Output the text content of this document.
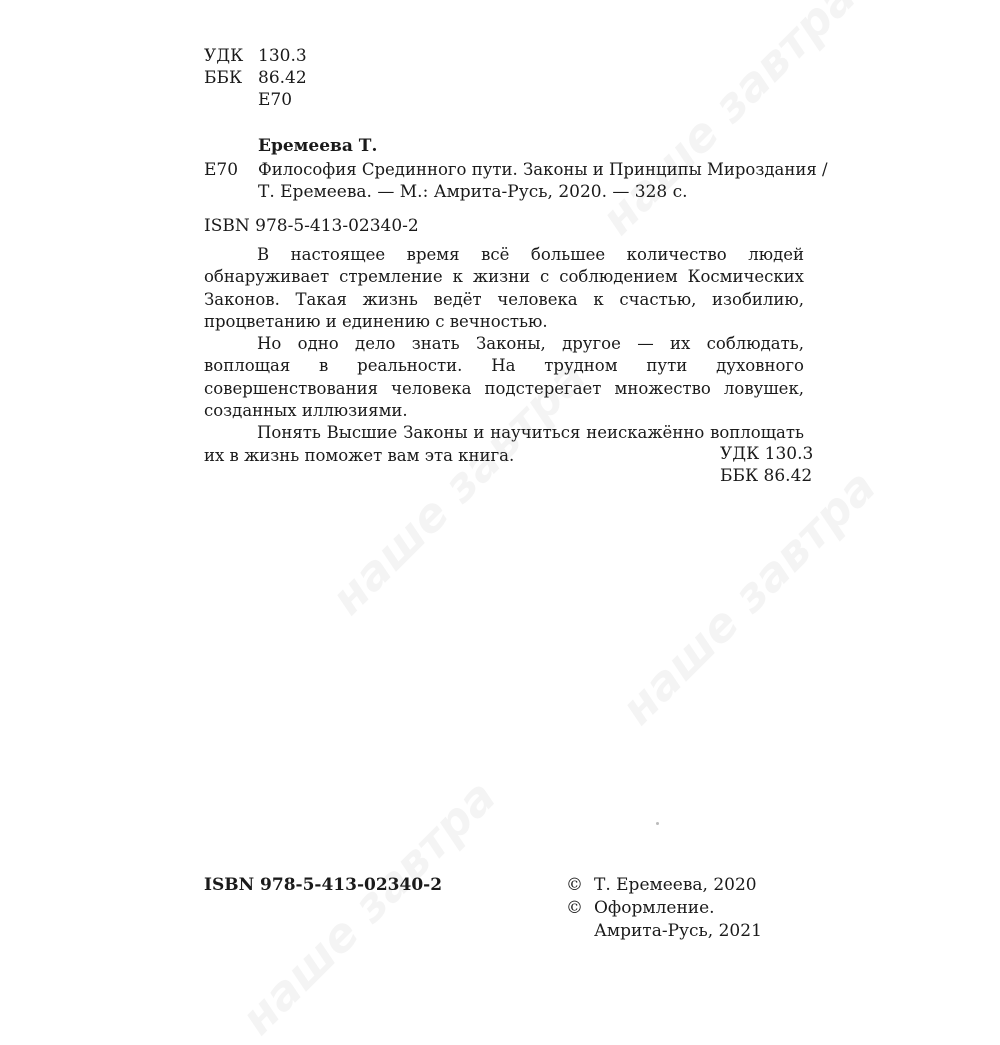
УДК 130.3
ББК 86.42
Е70
Еремеева Т.
Е70 Философия Срединного пути. Законы и Принципы Мироздания /
Т. Еремеева. — М.: Амрита-Русь, 2020. — 328 с.
ISBN 978-5-413-02340-2

В настоящее время всё большее количество людей обнаруживает стремление к жизни с соблюдением Космических Законов. Такая жизнь ведёт человека к счастью, изобилию, процветанию и единению с вечностью.

Но одно дело знать Законы, другое — их соблюдать, воплощая в реальности. На трудном пути духовного совершенствования человека подстерегает множество ловушек, созданных иллюзиями.

Понять Высшие Законы и научиться неискажённо воплощать их в жизнь поможет вам эта книга.	УДК 130.3
ББК 86.42
ISBN 978-5-413-02340-2	© Т. Еремеева, 2020
© Оформление.
Амрита-Русь, 2021
